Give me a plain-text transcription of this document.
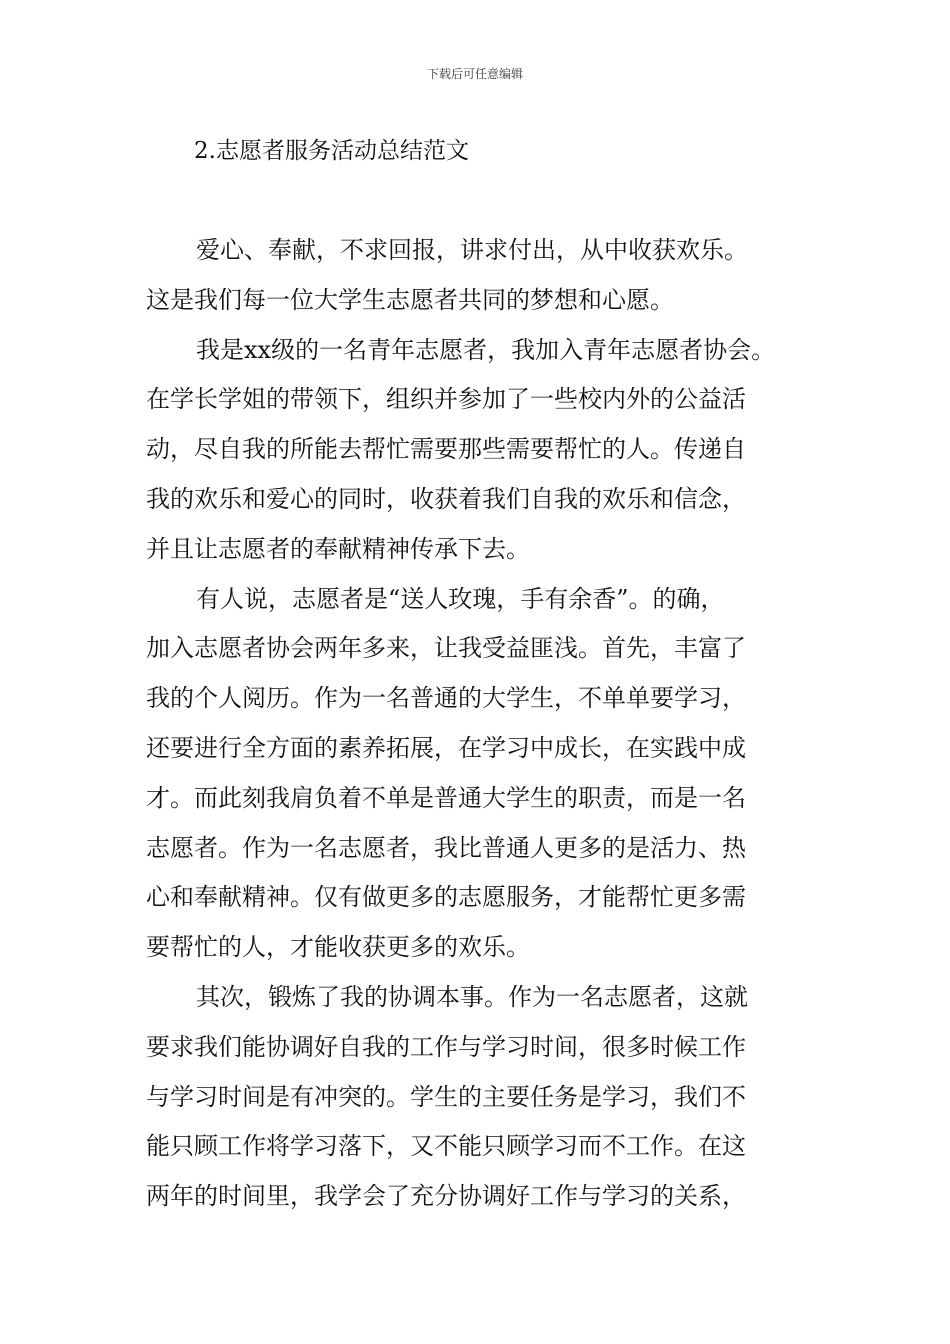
下载后可任意编辑
2.志愿者服务活动总结范文
爱心、奉献，不求回报，讲求付出，从中收获欢乐。
这是我们每一位大学生志愿者共同的梦想和心愿。
我是xx级的一名青年志愿者，我加入青年志愿者协会。
在学长学姐的带领下，组织并参加了一些校内外的公益活
动，尽自我的所能去帮忙需要那些需要帮忙的人。传递自
我的欢乐和爱心的同时，收获着我们自我的欢乐和信念，
并且让志愿者的奉献精神传承下去。
有人说，志愿者是“送人玫瑰，手有余香”。的确，
加入志愿者协会两年多来，让我受益匪浅。首先，丰富了
我的个人阅历。作为一名普通的大学生，不单单要学习，
还要进行全方面的素养拓展，在学习中成长，在实践中成
才。而此刻我肩负着不单是普通大学生的职责，而是一名
志愿者。作为一名志愿者，我比普通人更多的是活力、热
心和奉献精神。仅有做更多的志愿服务，才能帮忙更多需
要帮忙的人，才能收获更多的欢乐。
其次，锻炼了我的协调本事。作为一名志愿者，这就
要求我们能协调好自我的工作与学习时间，很多时候工作
与学习时间是有冲突的。学生的主要任务是学习，我们不
能只顾工作将学习落下，又不能只顾学习而不工作。在这
两年的时间里，我学会了充分协调好工作与学习的关系，
